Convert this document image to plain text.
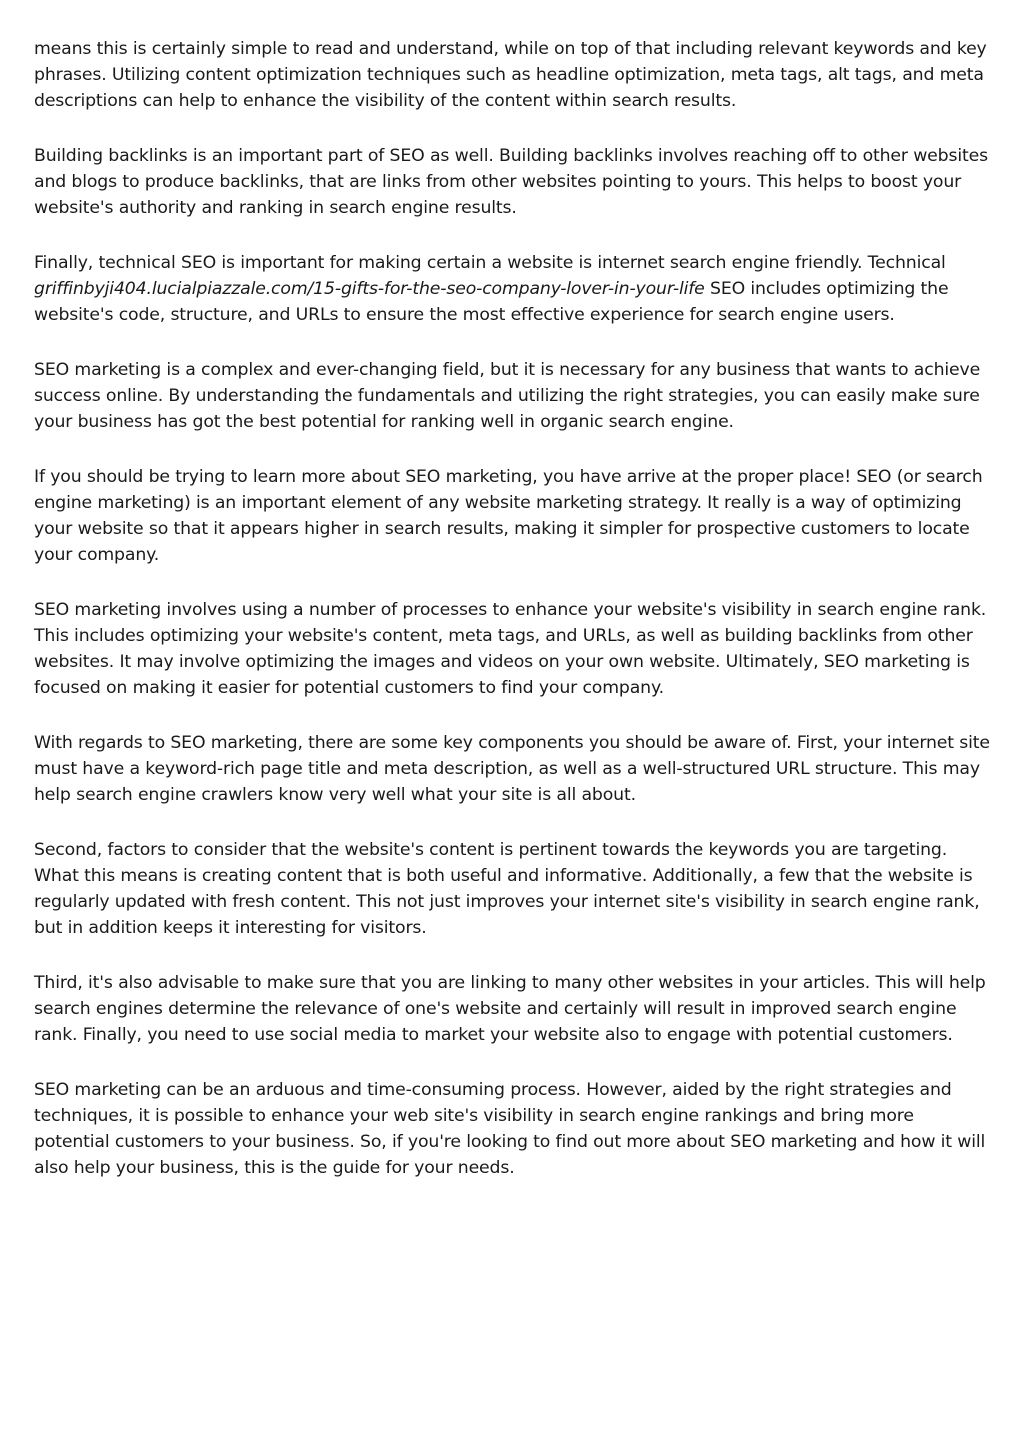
means this is certainly simple to read and understand, while on top of that including relevant keywords and key phrases. Utilizing content optimization techniques such as headline optimization, meta tags, alt tags, and meta descriptions can help to enhance the visibility of the content within search results.

Building backlinks is an important part of SEO as well. Building backlinks involves reaching off to other websites and blogs to produce backlinks, that are links from other websites pointing to yours. This helps to boost your website's authority and ranking in search engine results.

Finally, technical SEO is important for making certain a website is internet search engine friendly. Technical griffinbyji404.lucialpiazzale.com/15-gifts-for-the-seo-company-lover-in-your-life SEO includes optimizing the website's code, structure, and URLs to ensure the most effective experience for search engine users.

SEO marketing is a complex and ever-changing field, but it is necessary for any business that wants to achieve success online. By understanding the fundamentals and utilizing the right strategies, you can easily make sure your business has got the best potential for ranking well in organic search engine.

If you should be trying to learn more about SEO marketing, you have arrive at the proper place! SEO (or search engine marketing) is an important element of any website marketing strategy. It really is a way of optimizing your website so that it appears higher in search results, making it simpler for prospective customers to locate your company.

SEO marketing involves using a number of processes to enhance your website's visibility in search engine rank. This includes optimizing your website's content, meta tags, and URLs, as well as building backlinks from other websites. It may involve optimizing the images and videos on your own website. Ultimately, SEO marketing is focused on making it easier for potential customers to find your company.

With regards to SEO marketing, there are some key components you should be aware of. First, your internet site must have a keyword-rich page title and meta description, as well as a well-structured URL structure. This may help search engine crawlers know very well what your site is all about.

Second, factors to consider that the website's content is pertinent towards the keywords you are targeting. What this means is creating content that is both useful and informative. Additionally, a few that the website is regularly updated with fresh content. This not just improves your internet site's visibility in search engine rank, but in addition keeps it interesting for visitors.

Third, it's also advisable to make sure that you are linking to many other websites in your articles. This will help search engines determine the relevance of one's website and certainly will result in improved search engine rank. Finally, you need to use social media to market your website also to engage with potential customers.

SEO marketing can be an arduous and time-consuming process. However, aided by the right strategies and techniques, it is possible to enhance your web site's visibility in search engine rankings and bring more potential customers to your business. So, if you're looking to find out more about SEO marketing and how it will also help your business, this is the guide for your needs.
